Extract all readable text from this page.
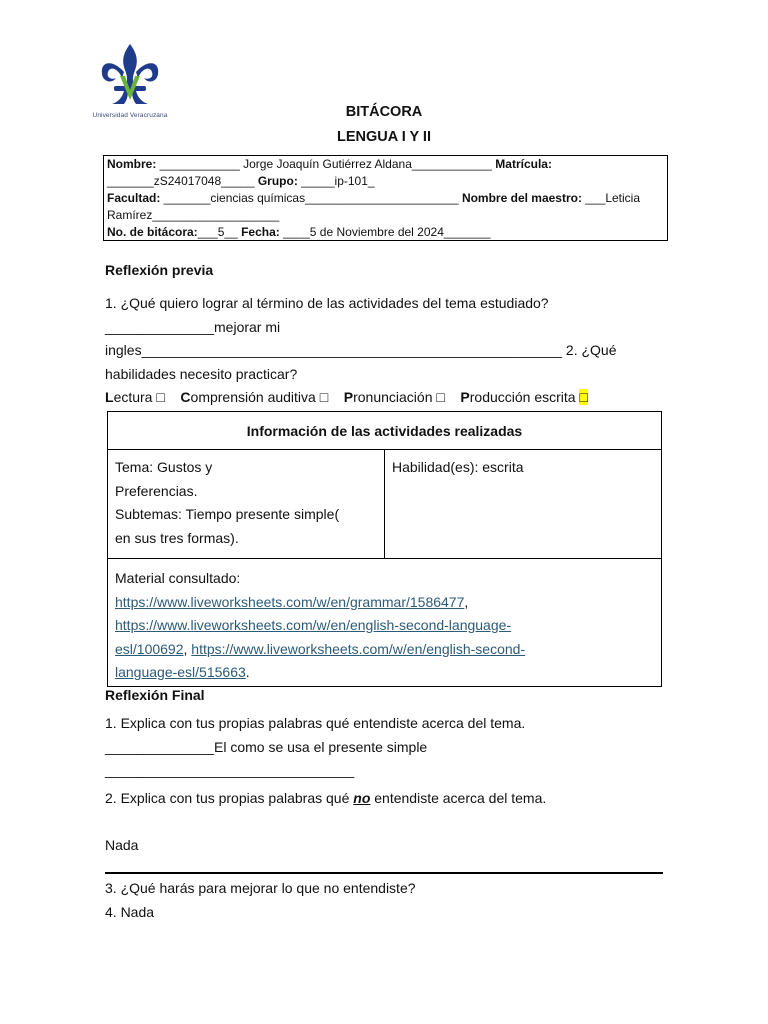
Universidad Veracruzana	BITÁCORA
LENGUA I Y II
Nombre: ____________ Jorge Joaquín Gutiérrez Aldana____________ Matrícula:
_______zS24017048_____ Grupo: _____ip-101_
Facultad: _______ciencias químicas_______________________ Nombre del maestro: ___Leticia
Ramírez___________________
No. de bitácora:___5__ Fecha: ____5 de Noviembre del 2024_______
Reflexión previa
1. ¿Qué quiero lograr al término de las actividades del tema estudiado?
______________mejorar mi
ingles______________________________________________________ 2. ¿Qué
habilidades necesito practicar?
Lectura □ Comprensión auditiva □ Pronunciación □ Producción escrita □
Información de las actividades realizadas
Tema: Gustos y
Preferencias.
Subtemas: Tiempo presente simple(
en sus tres formas).
Habilidad(es): escrita
Material consultado:
https://www.liveworksheets.com/w/en/grammar/1586477,
https://www.liveworksheets.com/w/en/english-second-language-
esl/100692, https://www.liveworksheets.com/w/en/english-second-
language-esl/515663.
Reflexión Final
1. Explica con tus propias palabras qué entendiste acerca del tema.
______________El como se usa el presente simple
________________________________
2. Explica con tus propias palabras qué no entendiste acerca del tema.
Nada
3. ¿Qué harás para mejorar lo que no entendiste?
4. Nada
